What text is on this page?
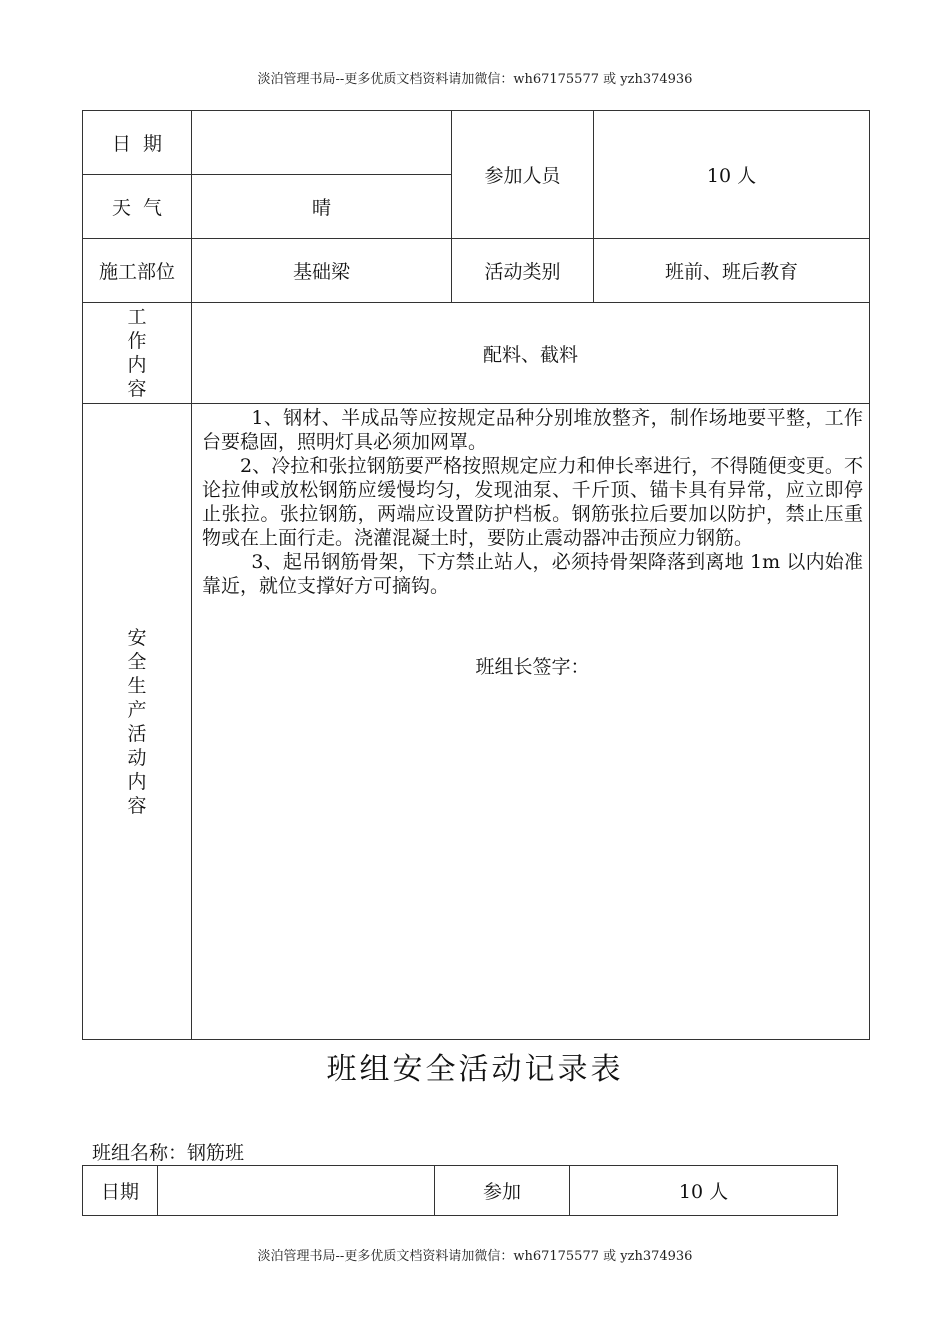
淡泊管理书局--更多优质文档资料请加微信：wh67175577 或 yzh374936
日  期		参加人员	10 人
天  气	晴		
施工部位	基础梁	活动类别	班前、班后教育

工作内容	配料、截料		

安全生产活动内容	1、钢材、半成品等应按规定品种分别堆放整齐，制作场地要平整，工作台要稳固，照明灯具必须加网罩。

2、冷拉和张拉钢筋要严格按照规定应力和伸长率进行，不得随便变更。不论拉伸或放松钢筋应缓慢均匀，发现油泵、千斤顶、锚卡具有异常，应立即停止张拉。张拉钢筋，两端应设置防护档板。钢筋张拉后要加以防护，禁止压重物或在上面行走。浇灌混凝土时，要防止震动器冲击预应力钢筋。

3、起吊钢筋骨架，下方禁止站人，必须持骨架降落到离地 1m 以内始准靠近，就位支撑好方可摘钩。

班组长签字：		
班组安全活动记录表
班组名称：钢筋班
日期		参加	10 人
淡泊管理书局--更多优质文档资料请加微信：wh67175577 或 yzh374936
